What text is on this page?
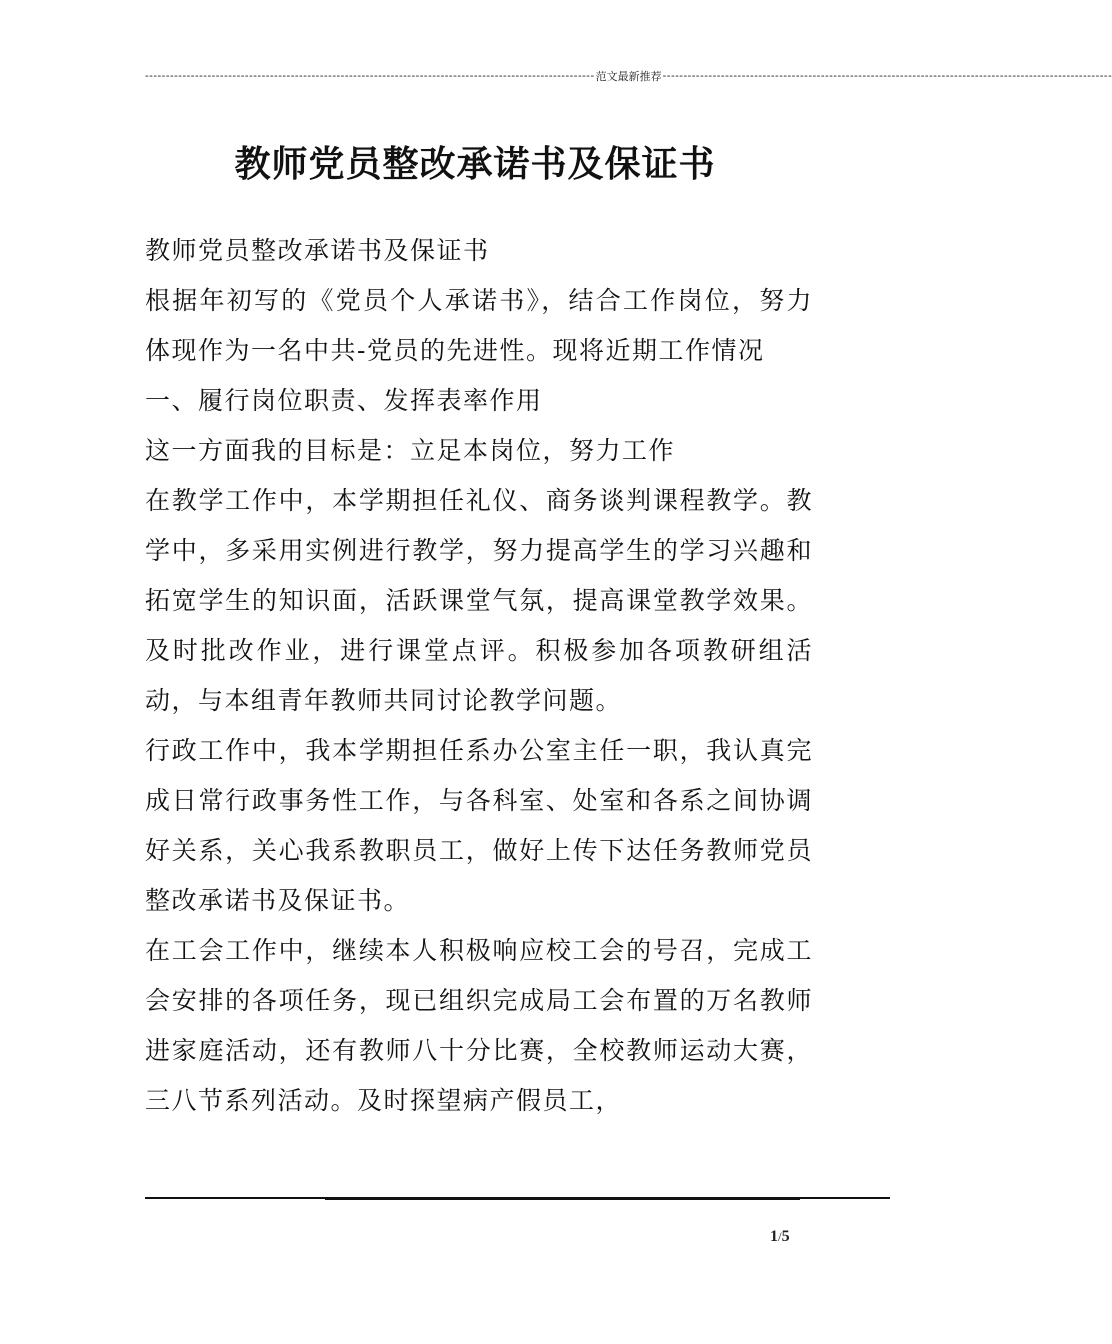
------------------------------------------------------------------------------------------------------------ 范文最新推荐 ------------------------------------------------------------------------------------------------------------
教师党员整改承诺书及保证书

教师党员整改承诺书及保证书

根据年初写的《党员个人承诺书》，结合工作岗位，努力体现作为一名中共-党员的先进性。现将近期工作情况

一、履行岗位职责、发挥表率作用

这一方面我的目标是：立足本岗位，努力工作

在教学工作中，本学期担任礼仪、商务谈判课程教学。教学中，多采用实例进行教学，努力提高学生的学习兴趣和拓宽学生的知识面，活跃课堂气氛，提高课堂教学效果。及时批改作业，进行课堂点评。积极参加各项教研组活动，与本组青年教师共同讨论教学问题。

行政工作中，我本学期担任系办公室主任一职，我认真完成日常行政事务性工作，与各科室、处室和各系之间协调好关系，关心我系教职员工，做好上传下达任务教师党员整改承诺书及保证书。

在工会工作中，继续本人积极响应校工会的号召，完成工会安排的各项任务，现已组织完成局工会布置的万名教师进家庭活动，还有教师八十分比赛，全校教师运动大赛，三八节系列活动。及时探望病产假员工，

1/5
